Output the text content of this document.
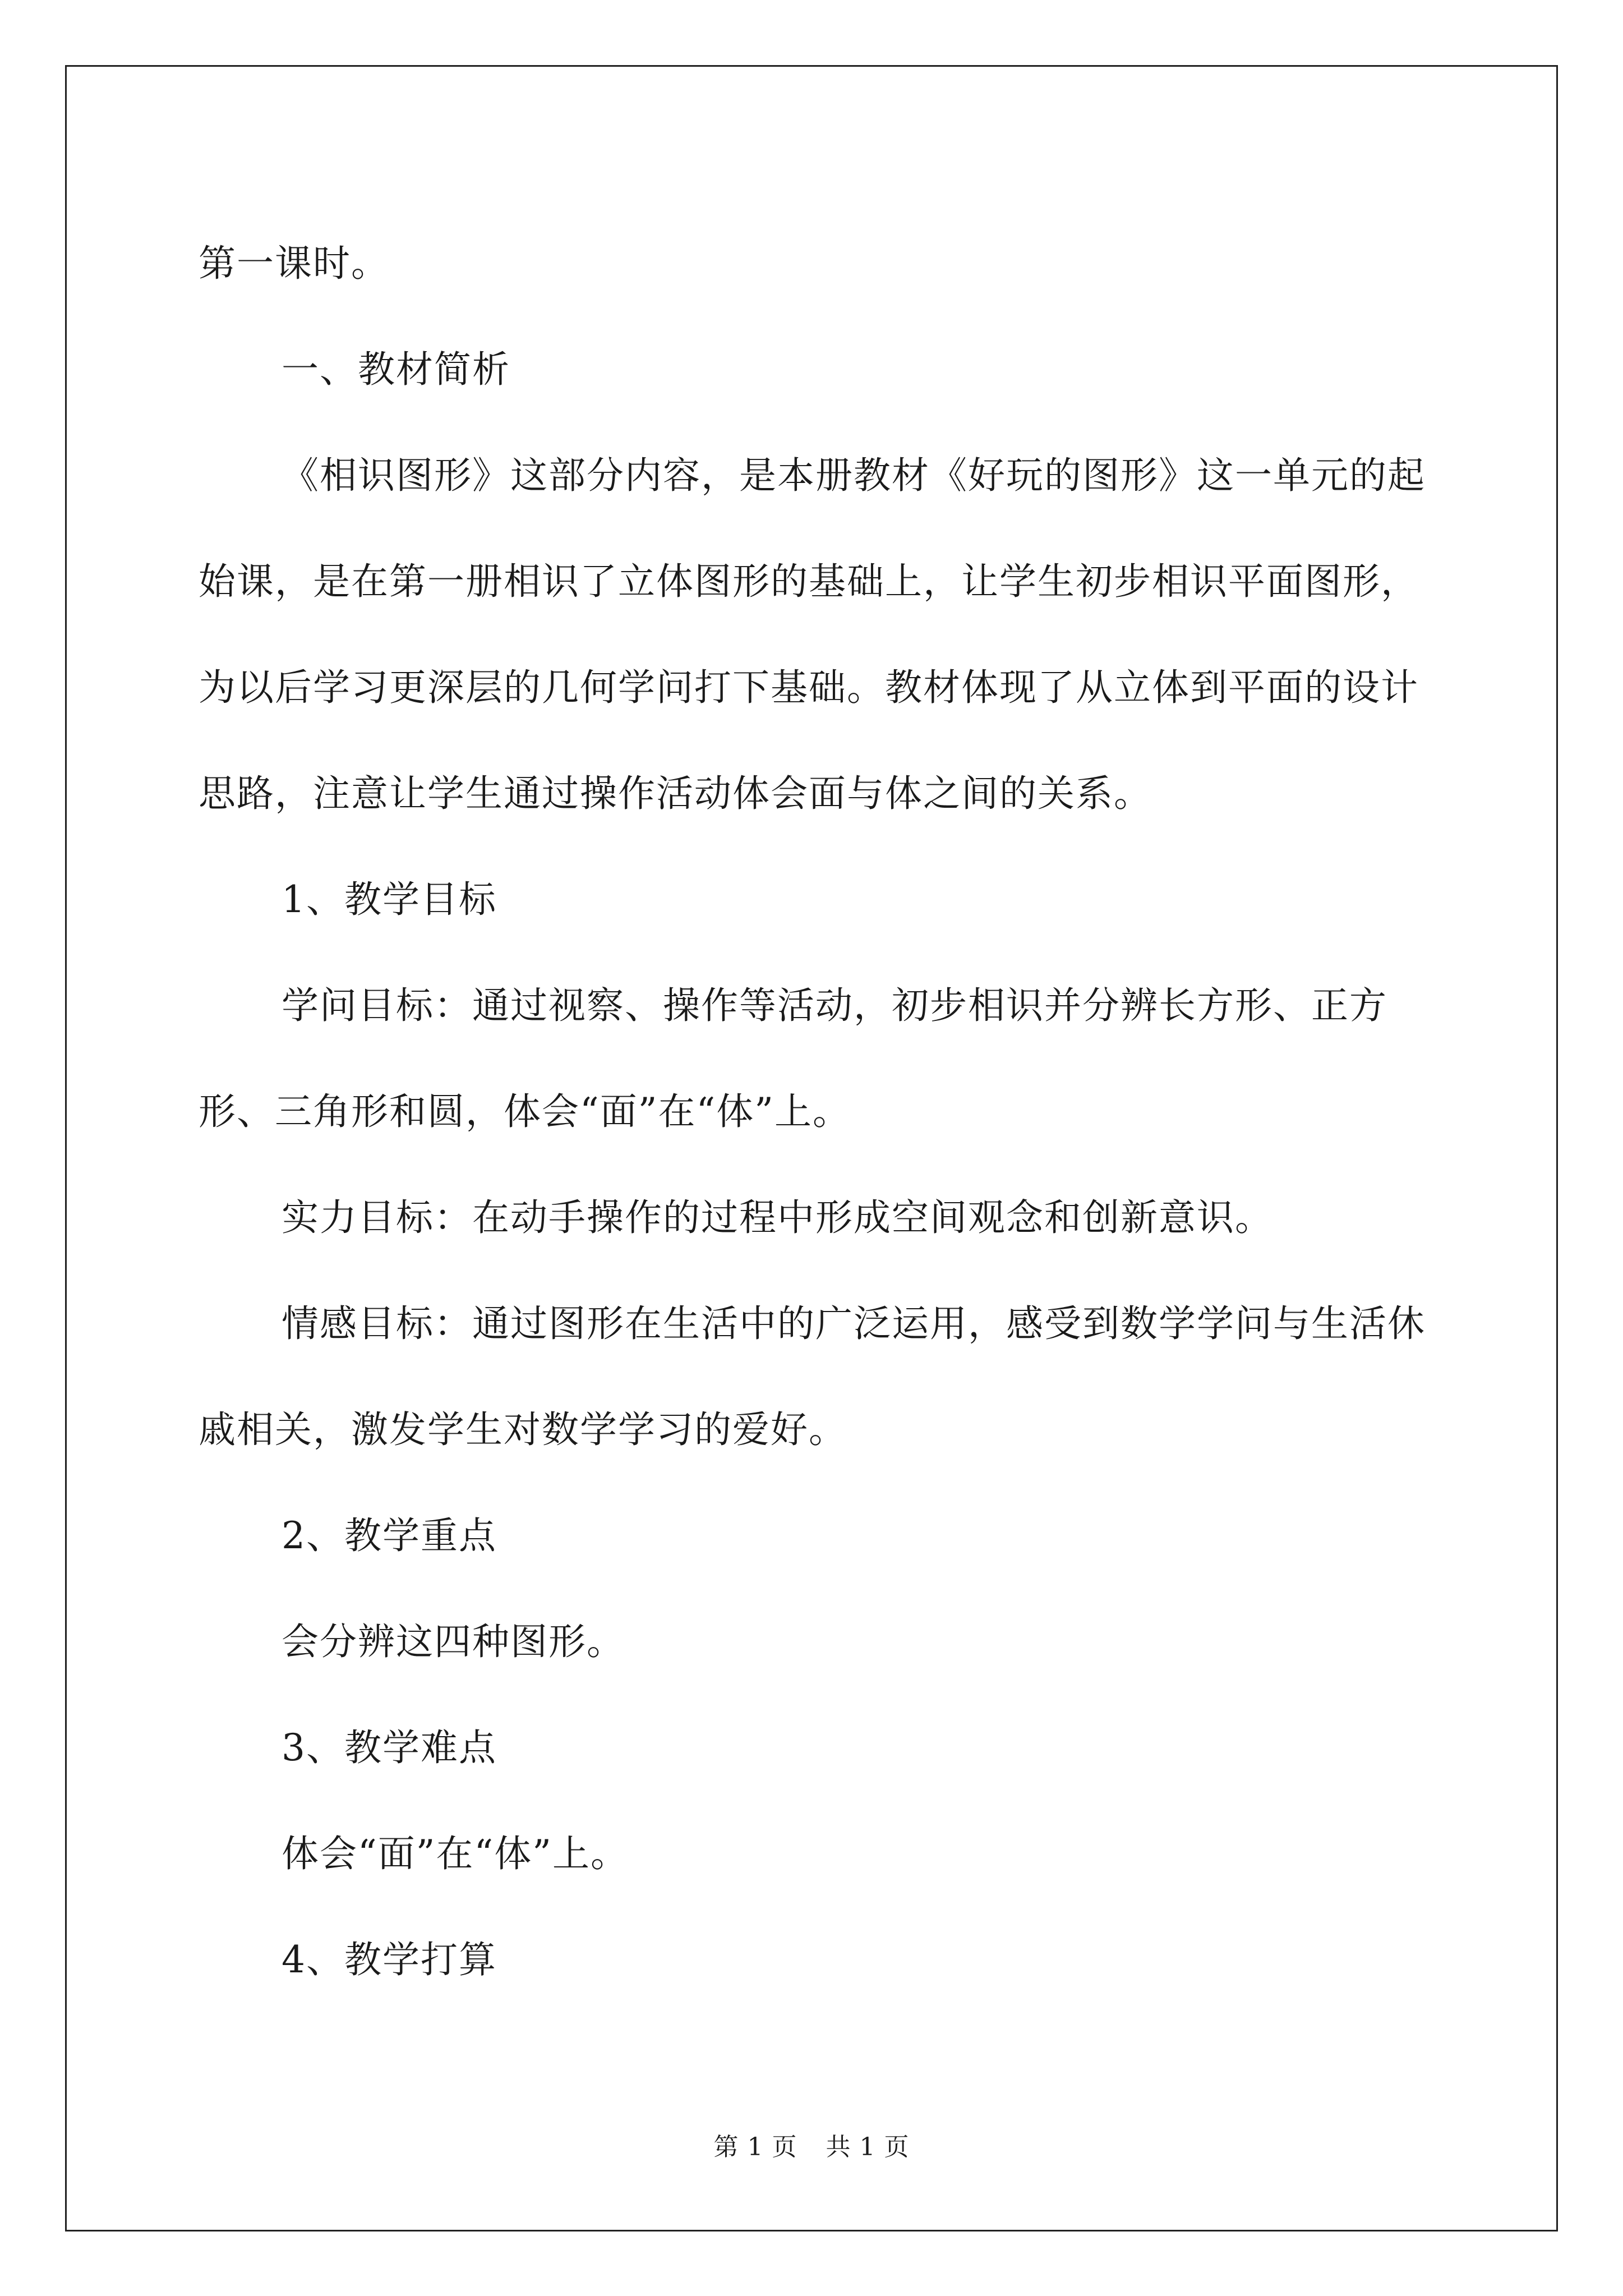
第一课时。

一、教材简析

《相识图形》这部分内容，是本册教材《好玩的图形》这一单元的起始课，是在第一册相识了立体图形的基础上，让学生初步相识平面图形，为以后学习更深层的几何学问打下基础。教材体现了从立体到平面的设计思路，注意让学生通过操作活动体会面与体之间的关系。

1、教学目标

学问目标：通过视察、操作等活动，初步相识并分辨长方形、正方形、三角形和圆，体会“面”在“体”上。

实力目标：在动手操作的过程中形成空间观念和创新意识。

情感目标：通过图形在生活中的广泛运用，感受到数学学问与生活休戚相关，激发学生对数学学习的爱好。

2、教学重点

会分辨这四种图形。

3、教学难点

体会“面”在“体”上。

4、教学打算

第 1 页 共 1 页
